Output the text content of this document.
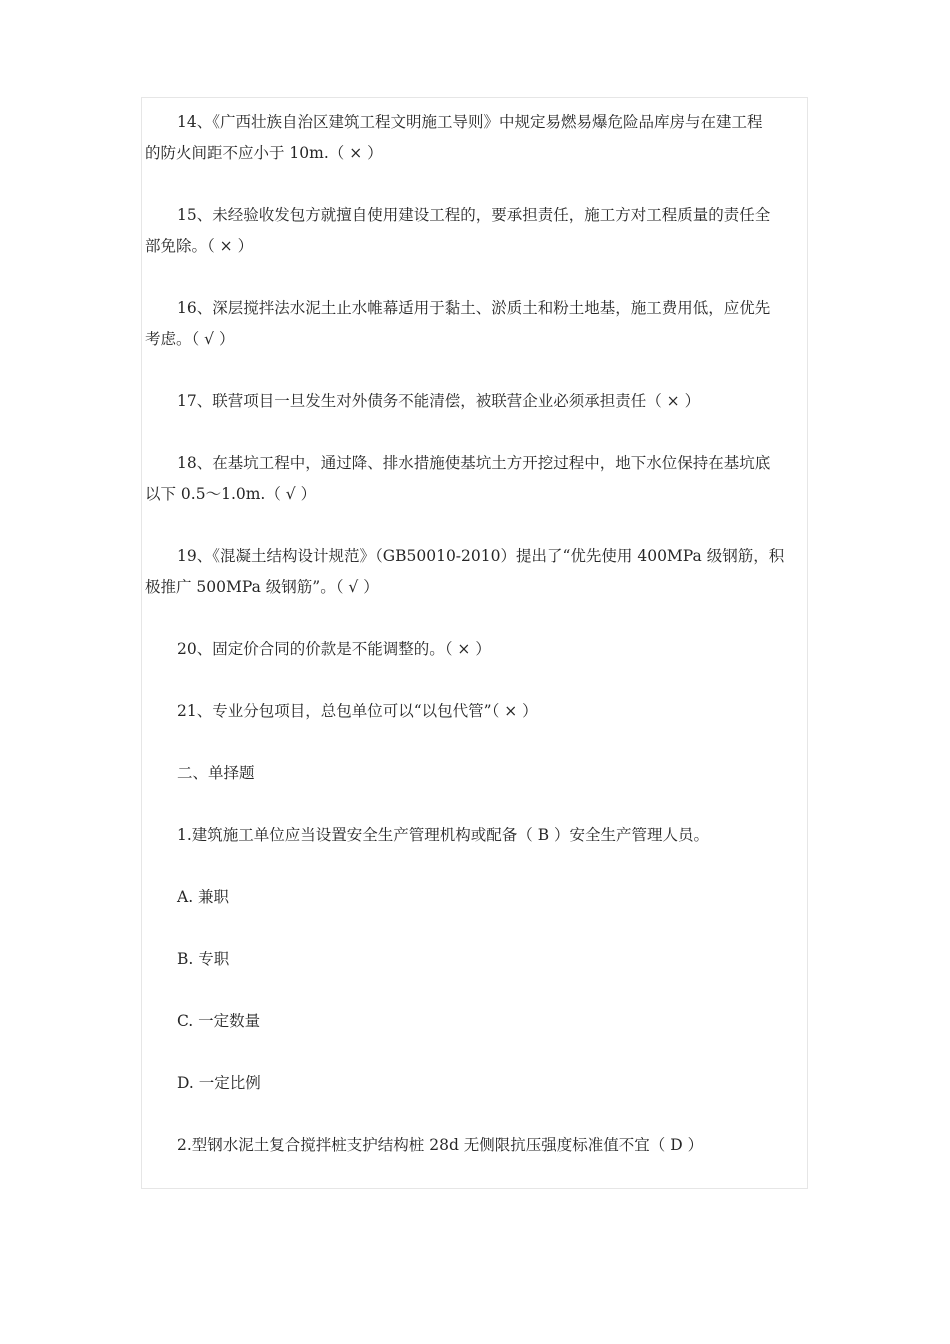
14、《广西壮族自治区建筑工程文明施工导则》中规定易燃易爆危险品库房与在建工程
的防火间距不应小于 10m.（ × ）

15、未经验收发包方就擅自使用建设工程的，要承担责任，施工方对工程质量的责任全
部免除。（ × ）

16、深层搅拌法水泥土止水帷幕适用于黏土、淤质土和粉土地基，施工费用低，应优先
考虑。（ √ ）

17、联营项目一旦发生对外债务不能清偿，被联营企业必须承担责任（ × ）

18、在基坑工程中，通过降、排水措施使基坑土方开挖过程中，地下水位保持在基坑底
以下 0.5～1.0m.（ √ ）

19、《混凝土结构设计规范》（GB50010-2010）提出了“优先使用 400MPa 级钢筋，积
极推广 500MPa 级钢筋”。（ √ ）

20、固定价合同的价款是不能调整的。（ × ）

21、专业分包项目，总包单位可以“以包代管”（ × ）

二、单择题

1.建筑施工单位应当设置安全生产管理机构或配备（ B ）安全生产管理人员。

A. 兼职

B. 专职

C. 一定数量

D. 一定比例

2.型钢水泥土复合搅拌桩支护结构桩 28d 无侧限抗压强度标准值不宜（ D ）
